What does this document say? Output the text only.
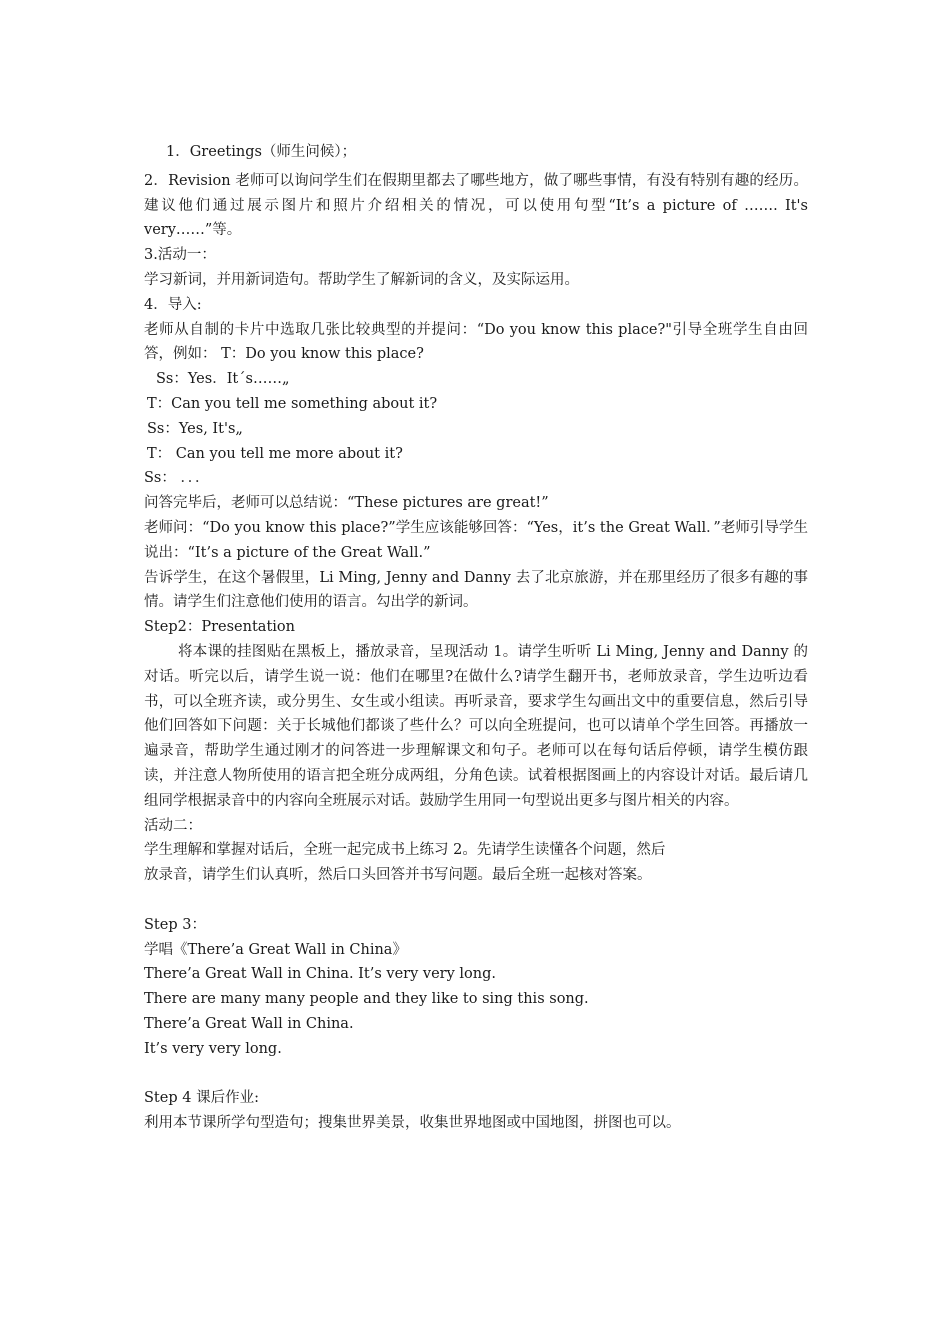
1．Greetings（师生问候）；
2．Revision 老师可以询问学生们在假期里都去了哪些地方，做了哪些事情，有没有特别有趣的经历。建议他们通过展示图片和照片介绍相关的情况，可以使用句型“It’s a picture of ……. It's very……”等。
3.活动一：
学习新词，并用新词造句。帮助学生了解新词的含义，及实际运用。
4．导入:
老师从自制的卡片中选取几张比较典型的并提问：“Do you know this place?"引导全班学生自由回答，例如： T：Do you know this place?
Ss：Yes．It´s……„
T：Can you tell me something about it?
Ss：Yes, It's„
T： Can you tell me more about it?
Ss： ．．．
问答完毕后，老师可以总结说：“These pictures are great!”
老师问：“Do you know this place?”学生应该能够回答：“Yes，it’s the Great Wall．”老师引导学生说出：“It’s a picture of the Great Wall.”
告诉学生，在这个暑假里，Li Ming, Jenny and Danny 去了北京旅游，并在那里经历了很多有趣的事情。请学生们注意他们使用的语言。勾出学的新词。
Step2：Presentation
将本课的挂图贴在黑板上，播放录音，呈现活动 1。请学生听听 Li Ming, Jenny and Danny 的对话。听完以后，请学生说一说：他们在哪里?在做什么?请学生翻开书，老师放录音，学生边听边看书，可以全班齐读，或分男生、女生或小组读。再听录音，要求学生勾画出文中的重要信息，然后引导他们回答如下问题：关于长城他们都谈了些什么？可以向全班提问，也可以请单个学生回答。再播放一遍录音，帮助学生通过刚才的问答进一步理解课文和句子。老师可以在每句话后停顿，请学生模仿跟读，并注意人物所使用的语言把全班分成两组，分角色读。试着根据图画上的内容设计对话。最后请几组同学根据录音中的内容向全班展示对话。鼓励学生用同一句型说出更多与图片相关的内容。
活动二：
学生理解和掌握对话后，全班一起完成书上练习 2。先请学生读懂各个问题，然后
放录音，请学生们认真听，然后口头回答并书写问题。最后全班一起核对答案。
Step 3：
学唱《There’a Great Wall in China》
There’a Great Wall in China. It’s very very long.
There are many many people and they like to sing this song.
There’a Great Wall in China.
It’s very very long.
Step 4 课后作业:
利用本节课所学句型造句；搜集世界美景，收集世界地图或中国地图，拼图也可以。
